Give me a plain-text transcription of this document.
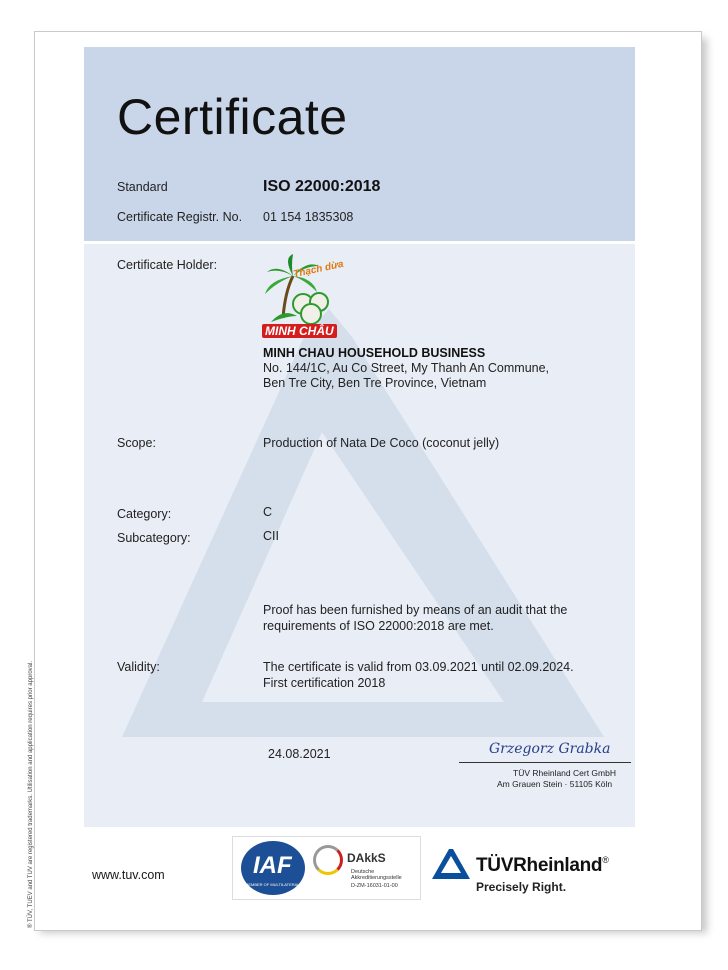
Certificate
Standard	ISO 22000:2018
Certificate Registr. No. 01 154 1835308
Certificate Holder:	Thạch dừa
MINH CHÂU
MINH CHAU HOUSEHOLD BUSINESS
No. 144/1C, Au Co Street, My Thanh An Commune,
Ben Tre City, Ben Tre Province, Vietnam
Scope:	Production of Nata De Coco (coconut jelly)
Category:	C
Subcategory:	CII
Proof has been furnished by means of an audit that the
requirements of ISO 22000:2018 are met.
Validity:	The certificate is valid from 03.09.2021 until 02.09.2024.
First certification 2018
24.08.2021	Grzegorz Grabka
TÜV Rheinland Cert GmbH
Am Grauen Stein · 51105 Köln
www.tuv.com	IAF
MEMBER OF MULTILATERAL RECOGNITION ARRANGEMENT
DAkkS
Deutsche
Akkreditierungsstelle
D-ZM-16031-01-00
TÜVRheinland®
Precisely Right.
® TÜV, TUEV and TUV are registered trademarks. Utilisation and application requires prior approval.
